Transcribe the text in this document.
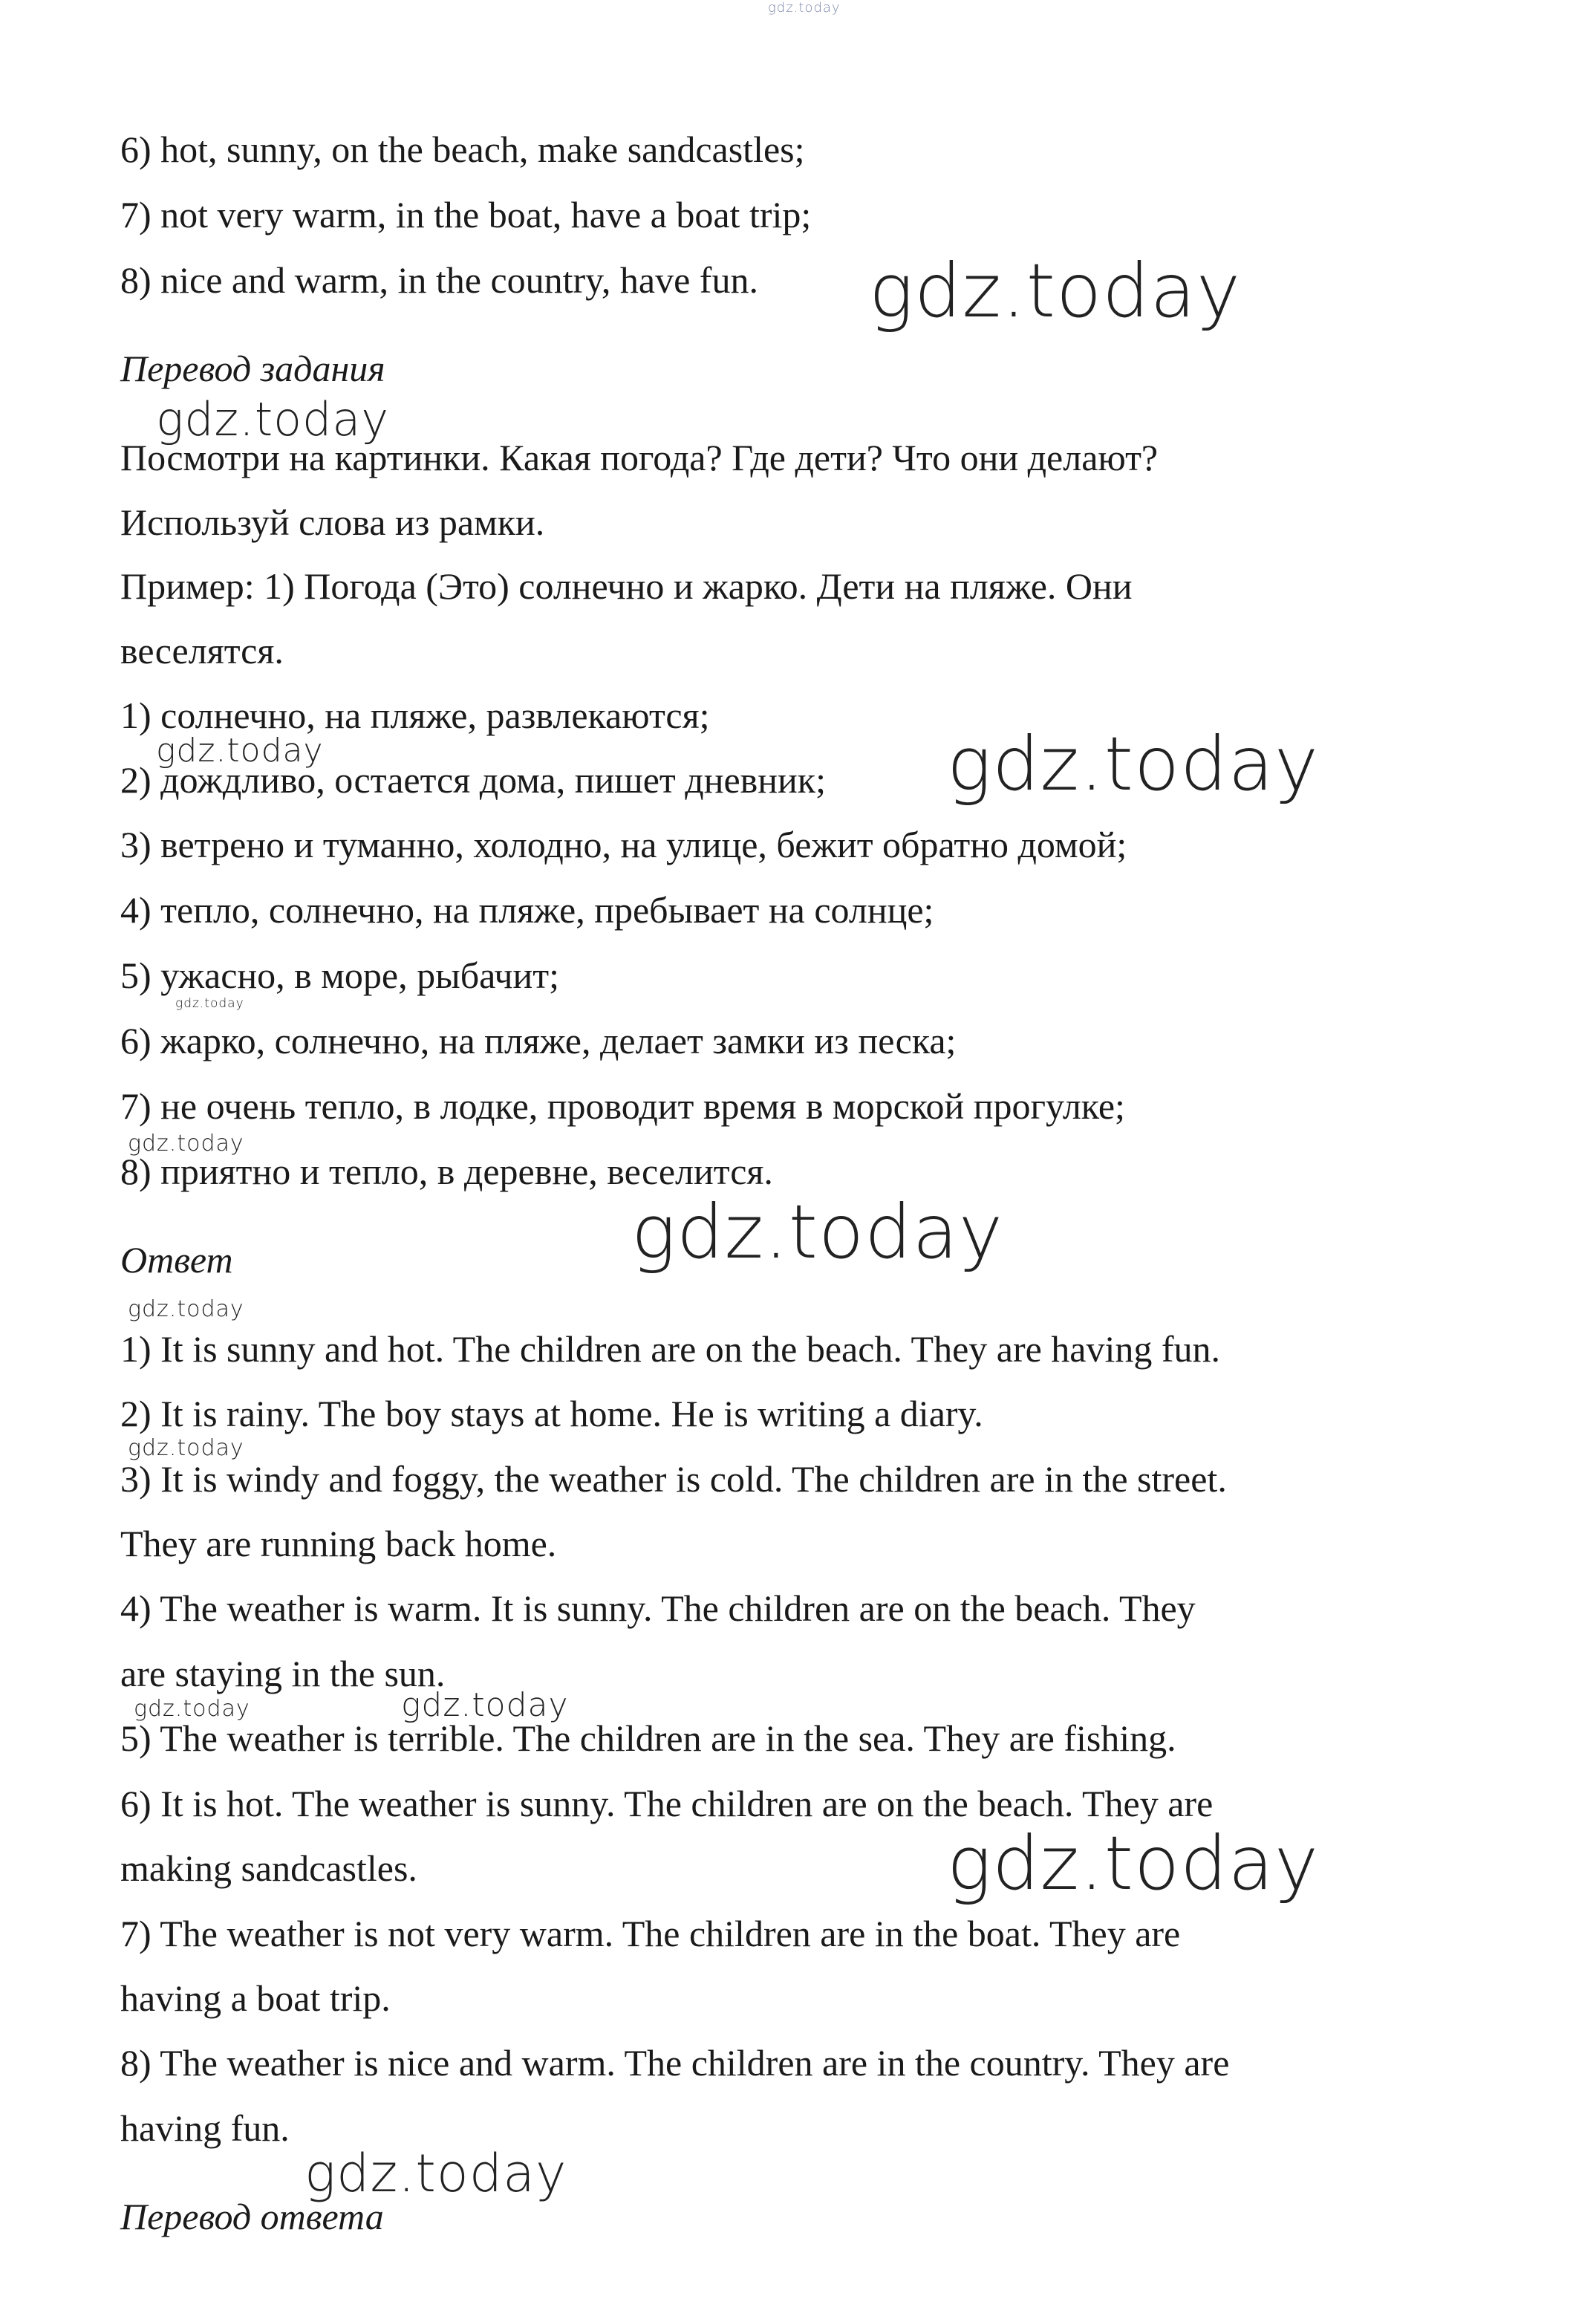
gdz.today
6) hot, sunny, on the beach, make sandcastles;
7) not very warm, in the boat, have a boat trip;
8) nice and warm, in the country, have fun.
Перевод задания
Посмотри на картинки. Какая погода? Где дети? Что они делают?
Используй слова из рамки.
Пример: 1) Погода (Это) солнечно и жарко. Дети на пляже. Они
веселятся.
1) солнечно, на пляже, развлекаются;
2) дождливо, остается дома, пишет дневник;
3) ветрено и туманно, холодно, на улице, бежит обратно домой;
4) тепло, солнечно, на пляже, пребывает на солнце;
5) ужасно, в море, рыбачит;
6) жарко, солнечно, на пляже, делает замки из песка;
7) не очень тепло, в лодке, проводит время в морской прогулке;
8) приятно и тепло, в деревне, веселится.
Ответ
1) It is sunny and hot. The children are on the beach. They are having fun.
2) It is rainy. The boy stays at home. He is writing a diary.
3) It is windy and foggy, the weather is cold. The children are in the street.
They are running back home.
4) The weather is warm. It is sunny. The children are on the beach. They
are staying in the sun.
5) The weather is terrible. The children are in the sea. They are fishing.
6) It is hot. The weather is sunny. The children are on the beach. They are
making sandcastles.
7) The weather is not very warm. The children are in the boat. They are
having a boat trip.
8) The weather is nice and warm. The children are in the country. They are
having fun.
Перевод ответа
gdz.today
gdz.today
gdz.today
gdz.today
gdz.today
gdz.today
gdz.today
gdz.today
gdz.today
gdz.today	gdz.today
gdz.today
gdz.today
